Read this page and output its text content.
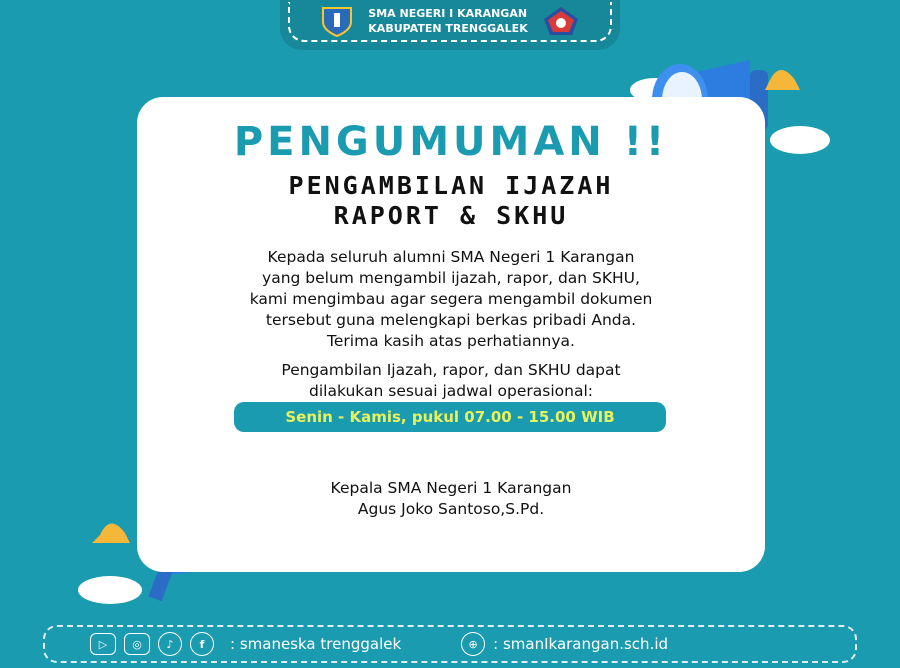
SMA NEGERI I KARANGAN
KABUPATEN TRENGGALEK
PENGUMUMAN !!
PENGAMBILAN IJAZAH
RAPORT & SKHU
Kepada seluruh alumni SMA Negeri 1 Karangan
yang belum mengambil ijazah, rapor, dan SKHU,
kami mengimbau agar segera mengambil dokumen
tersebut guna melengkapi berkas pribadi Anda.
Terima kasih atas perhatiannya.
Pengambilan Ijazah, rapor, dan SKHU dapat
dilakukan sesuai jadwal operasional:
Senin - Kamis, pukul 07.00 - 15.00 WIB
Kepala SMA Negeri 1 Karangan
Agus Joko Santoso,S.Pd.
▷	◎	♪	f	: smaneska trenggalek	⊕	: smanIkarangan.sch.id
